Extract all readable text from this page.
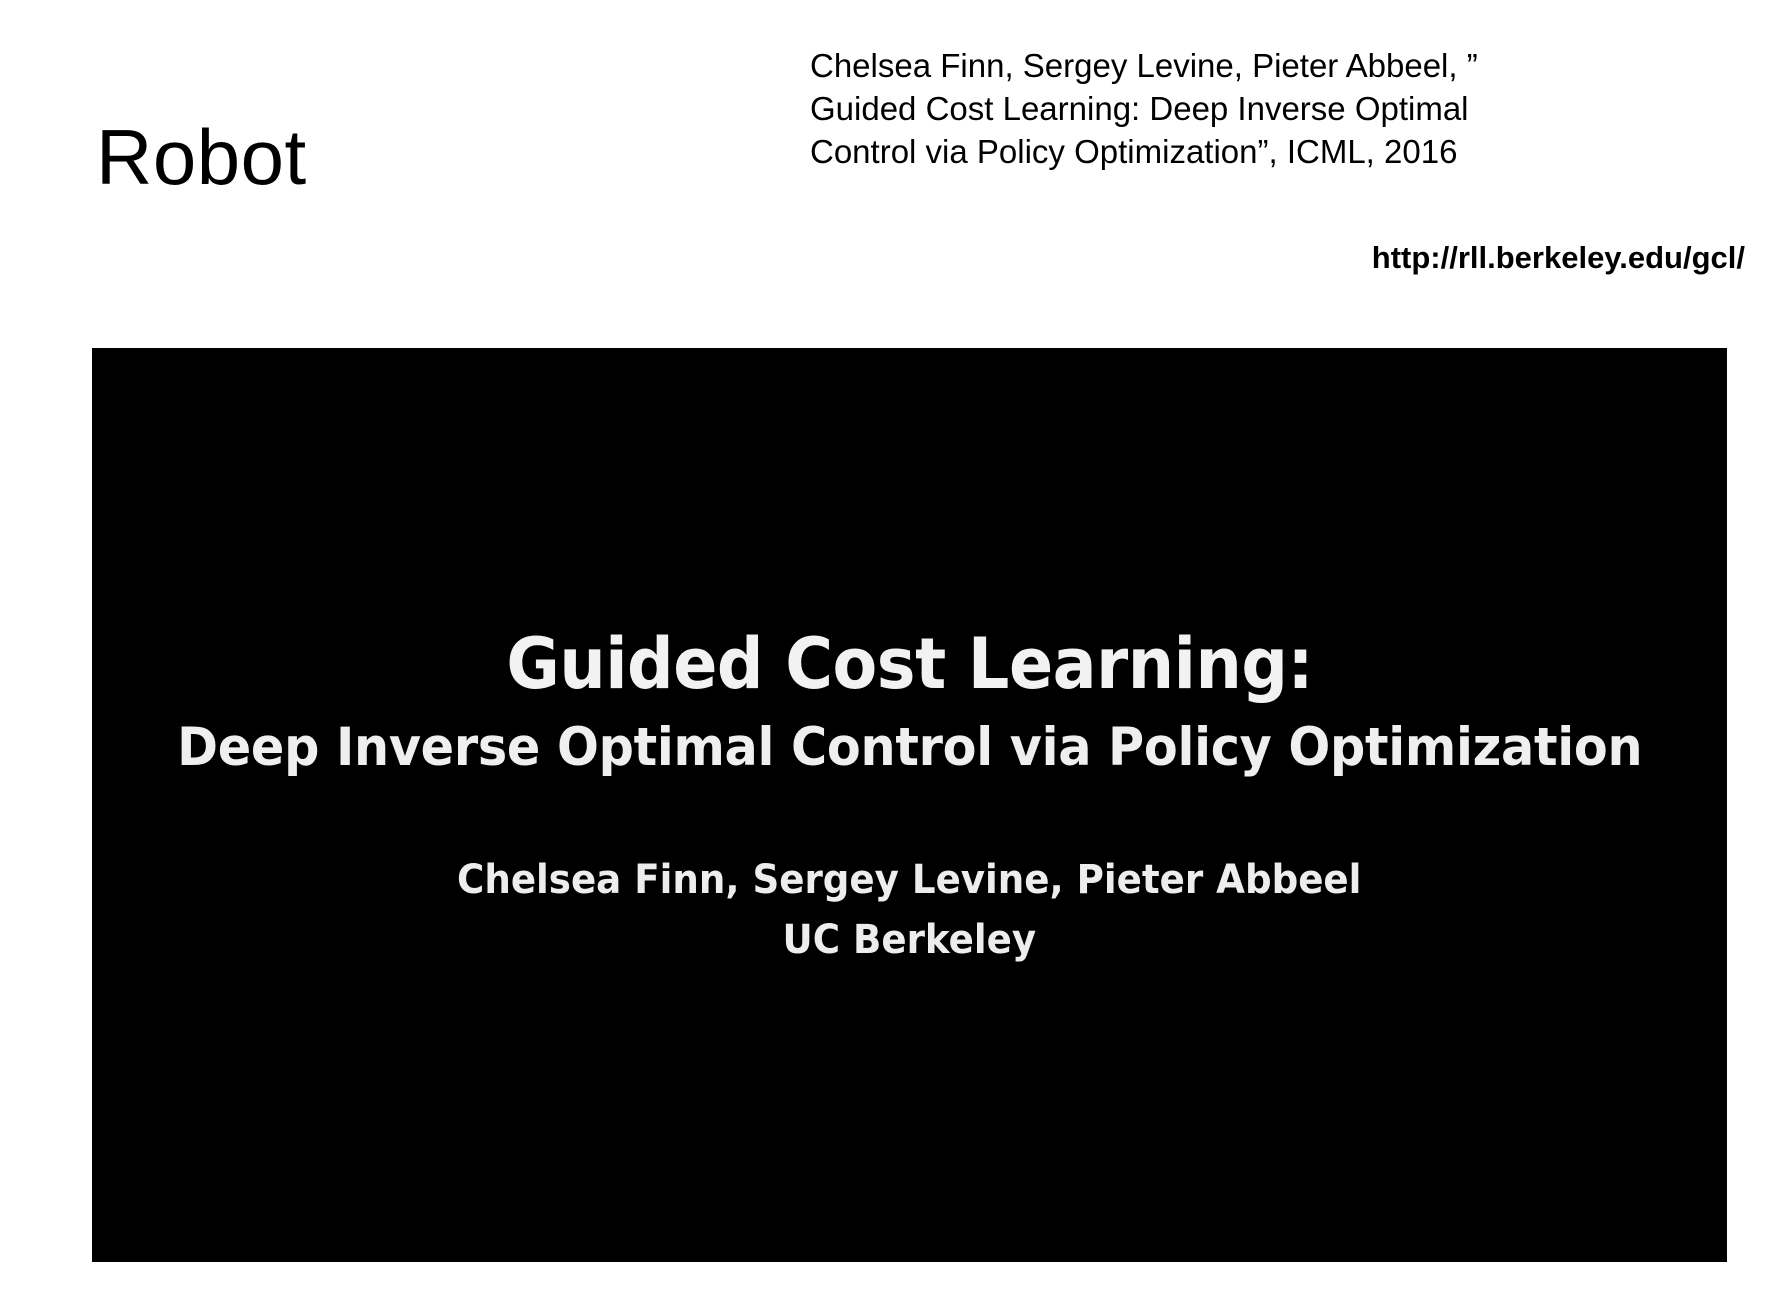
Robot
Chelsea Finn, Sergey Levine, Pieter Abbeel, ”
Guided Cost Learning: Deep Inverse Optimal
Control via Policy Optimization”, ICML, 2016
http://rll.berkeley.edu/gcl/
Guided Cost Learning:
Deep Inverse Optimal Control via Policy Optimization
Chelsea Finn, Sergey Levine, Pieter Abbeel
UC Berkeley
